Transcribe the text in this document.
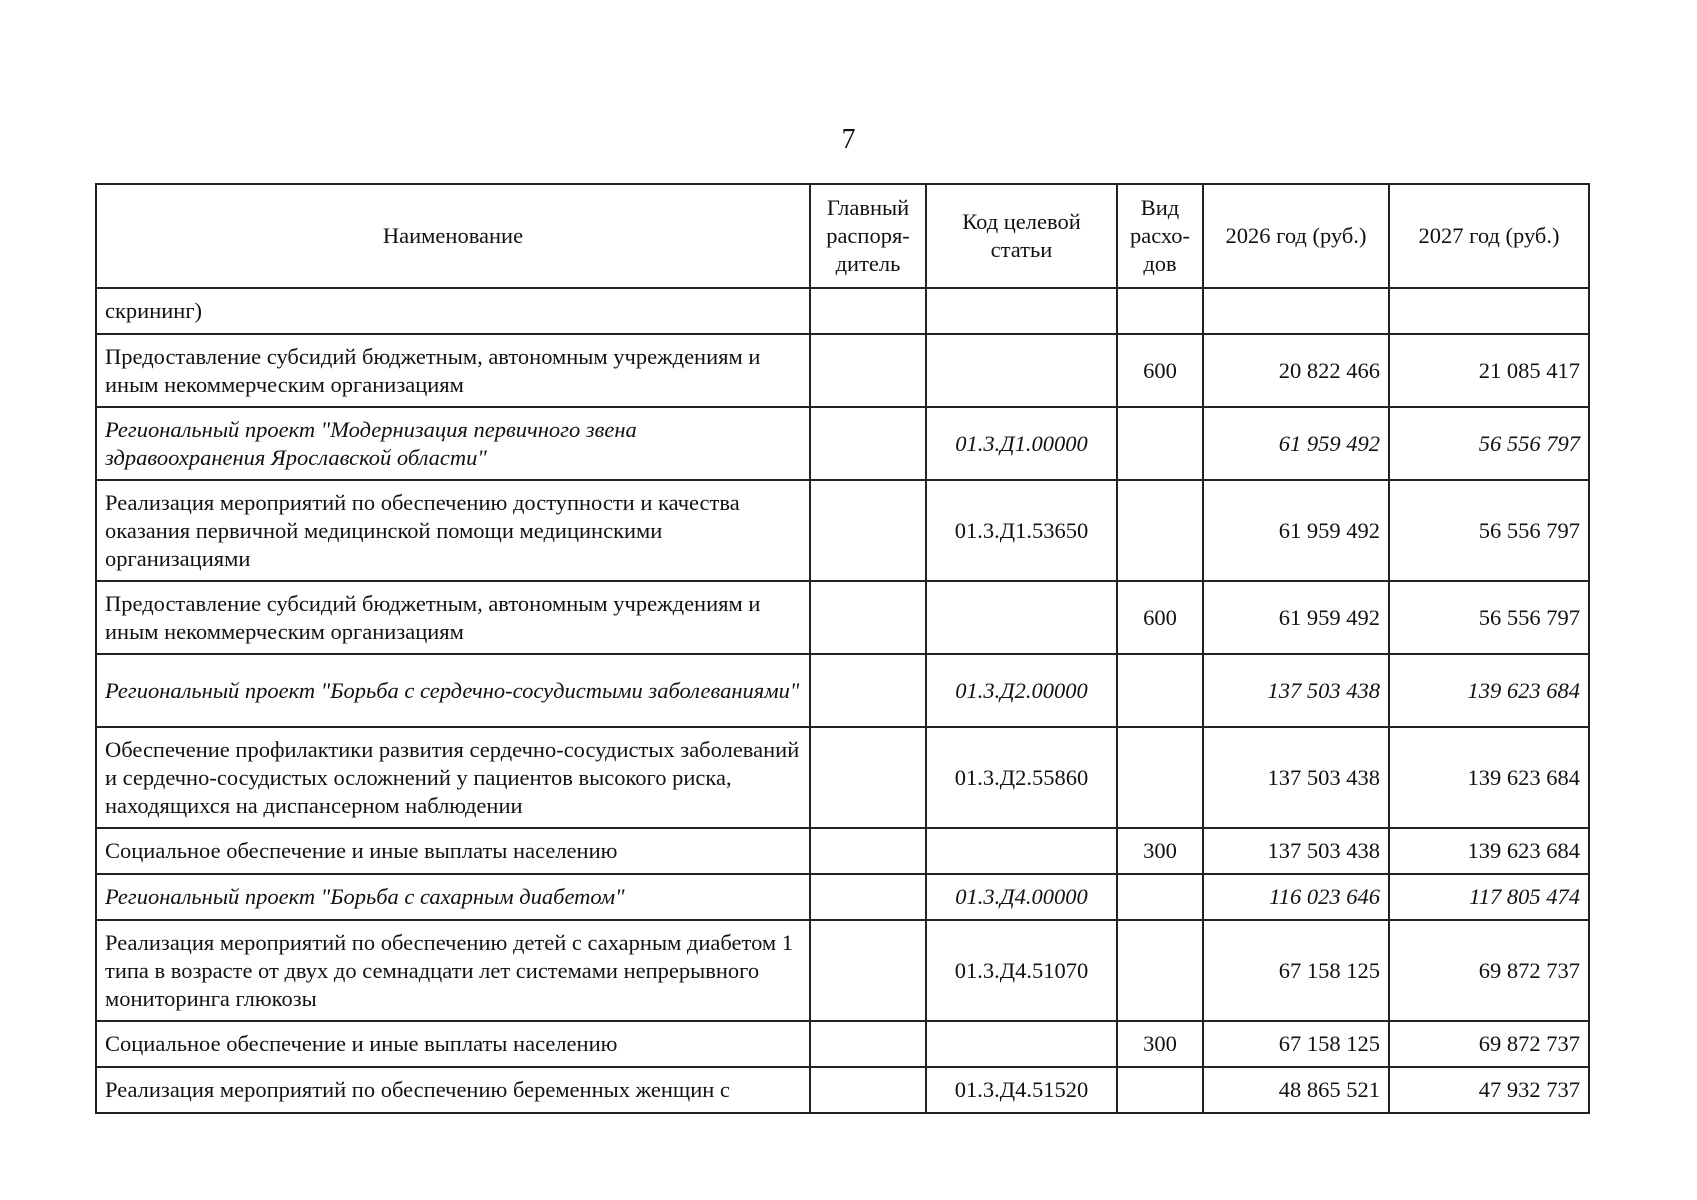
7
Наименование	Главный распоря-дитель	Код целевой статьи	Вид расхо-дов	2026 год (руб.)	2027 год (руб.)
скрининг)					
Предоставление субсидий бюджетным, автономным учреждениям и иным некоммерческим организациям			600	20 822 466	21 085 417
Региональный проект "Модернизация первичного звена здравоохранения Ярославской области"		01.3.Д1.00000		61 959 492	56 556 797
Реализация мероприятий по обеспечению доступности и качества оказания первичной медицинской помощи медицинскими организациями		01.3.Д1.53650		61 959 492	56 556 797
Предоставление субсидий бюджетным, автономным учреждениям и иным некоммерческим организациям			600	61 959 492	56 556 797
Региональный проект "Борьба с сердечно-сосудистыми заболеваниями"		01.3.Д2.00000		137 503 438	139 623 684
Обеспечение профилактики развития сердечно-сосудистых заболеваний и сердечно-сосудистых осложнений у пациентов высокого риска, находящихся на диспансерном наблюдении		01.3.Д2.55860		137 503 438	139 623 684
Социальное обеспечение и иные выплаты населению			300	137 503 438	139 623 684
Региональный проект "Борьба с сахарным диабетом"		01.3.Д4.00000		116 023 646	117 805 474
Реализация мероприятий по обеспечению детей с сахарным диабетом 1 типа в возрасте от двух до семнадцати лет системами непрерывного мониторинга глюкозы		01.3.Д4.51070		67 158 125	69 872 737
Социальное обеспечение и иные выплаты населению			300	67 158 125	69 872 737
Реализация мероприятий по обеспечению беременных женщин с		01.3.Д4.51520		48 865 521	47 932 737
